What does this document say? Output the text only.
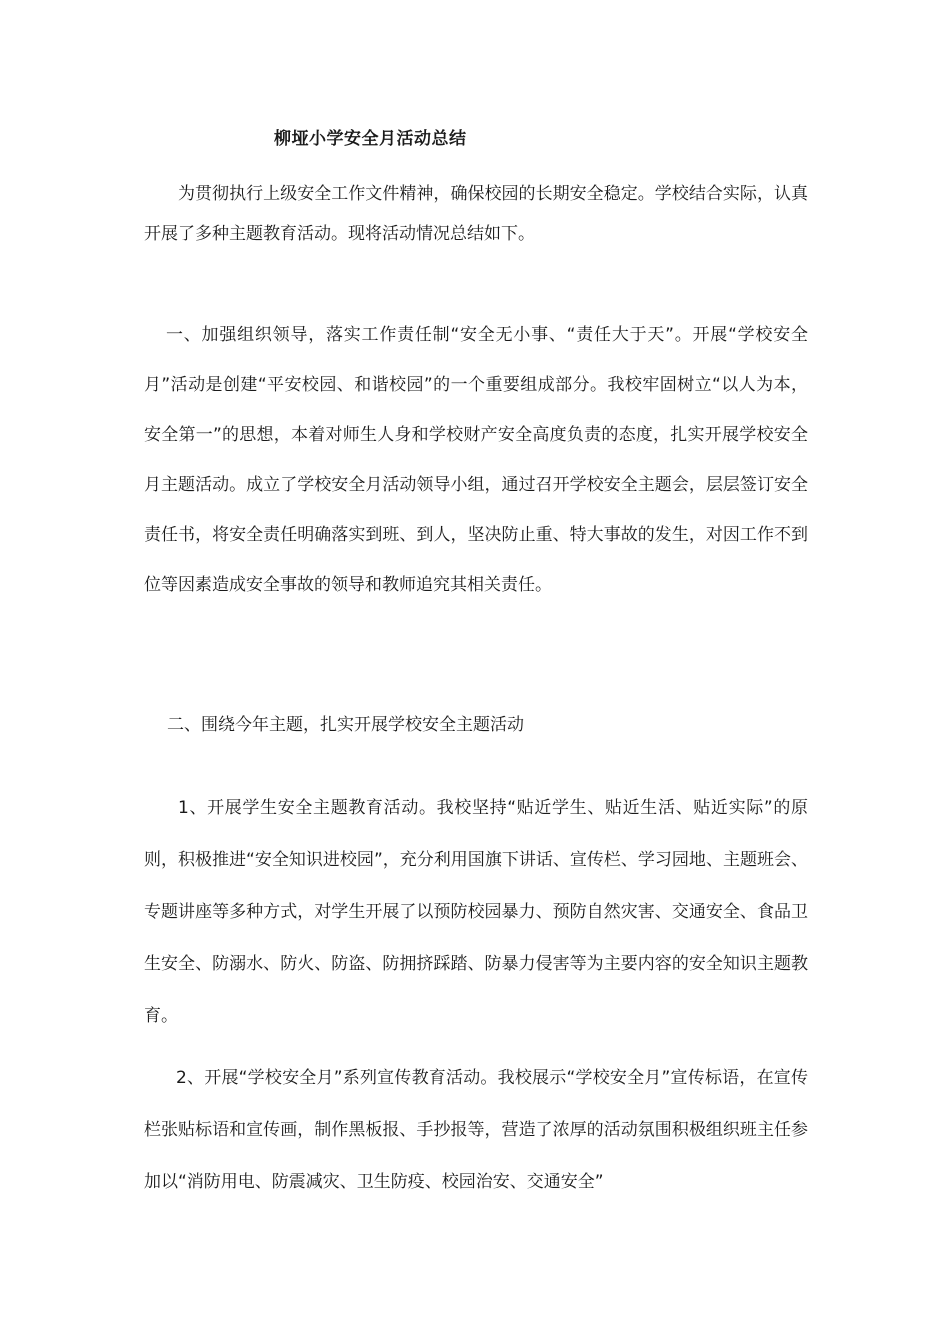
柳垭小学安全月活动总结

为贯彻执行上级安全工作文件精神，确保校园的长期安全稳定。学校结合实际，认真开展了多种主题教育活动。现将活动情况总结如下。

一、加强组织领导，落实工作责任制“安全无小事、“责任大于天”。开展“学校安全月”活动是创建“平安校园、和谐校园”的一个重要组成部分。我校牢固树立“以人为本，安全第一”的思想，本着对师生人身和学校财产安全高度负责的态度，扎实开展学校安全月主题活动。成立了学校安全月活动领导小组，通过召开学校安全主题会，层层签订安全责任书，将安全责任明确落实到班、到人，坚决防止重、特大事故的发生，对因工作不到位等因素造成安全事故的领导和教师追究其相关责任。

二、围绕今年主题，扎实开展学校安全主题活动

1、开展学生安全主题教育活动。我校坚持“贴近学生、贴近生活、贴近实际”的原则，积极推进“安全知识进校园”，充分利用国旗下讲话、宣传栏、学习园地、主题班会、专题讲座等多种方式，对学生开展了以预防校园暴力、预防自然灾害、交通安全、食品卫生安全、防溺水、防火、防盗、防拥挤踩踏、防暴力侵害等为主要内容的安全知识主题教育。

2、开展“学校安全月”系列宣传教育活动。我校展示“学校安全月”宣传标语，在宣传栏张贴标语和宣传画，制作黑板报、手抄报等，营造了浓厚的活动氛围积极组织班主任参加以“消防用电、防震减灾、卫生防疫、校园治安、交通安全”
